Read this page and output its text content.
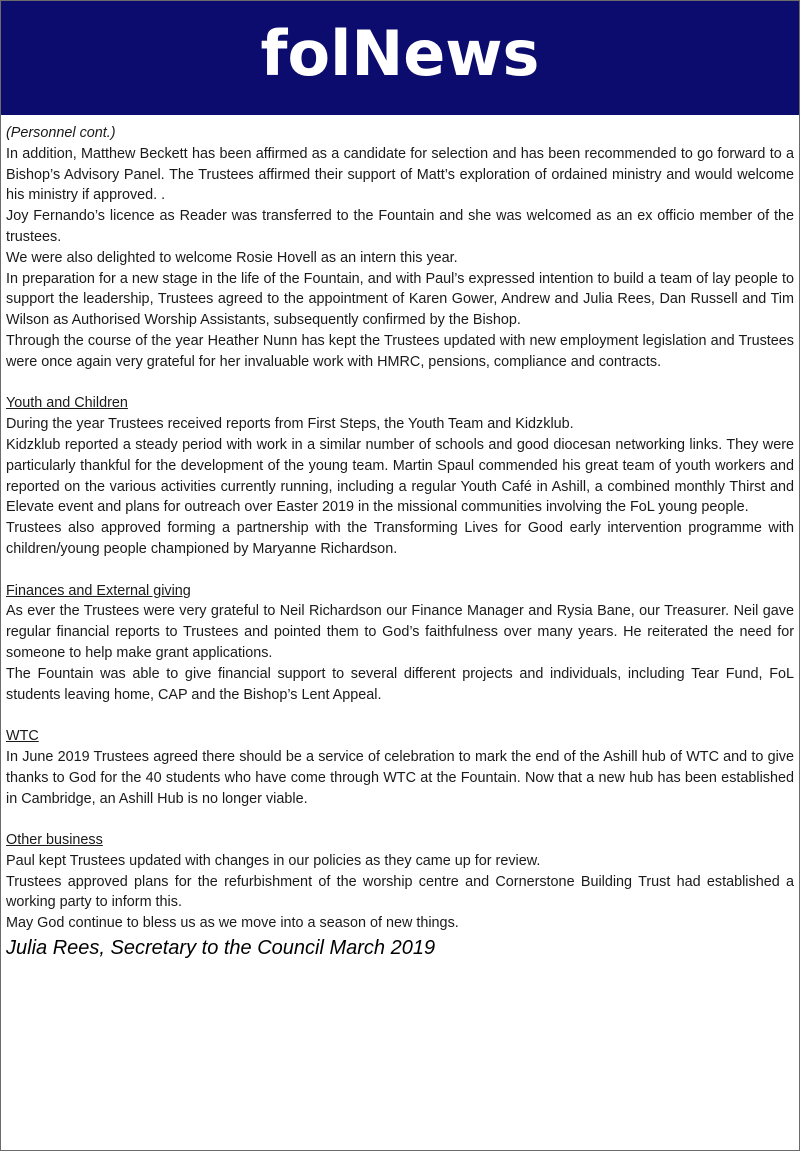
folNews

(Personnel cont.)

In addition, Matthew Beckett has been affirmed as a candidate for selection and has been recommended to go forward to a Bishop’s Advisory Panel. The Trustees affirmed their support of Matt’s exploration of ordained ministry and would welcome his ministry if approved. .

Joy Fernando’s licence as Reader was transferred to the Fountain and she was welcomed as an ex officio member of the trustees.

We were also delighted to welcome Rosie Hovell as an intern this year.

In preparation for a new stage in the life of the Fountain, and with Paul’s expressed intention to build a team of lay people to support the leadership, Trustees agreed to the appointment of Karen Gower, Andrew and Julia Rees, Dan Russell and Tim Wilson as Authorised Worship Assistants, subsequently confirmed by the Bishop.

Through the course of the year Heather Nunn has kept the Trustees updated with new employment legislation and Trustees were once again very grateful for her invaluable work with HMRC, pensions, compliance and contracts.

Youth and Children

During the year Trustees received reports from First Steps, the Youth Team and Kidzklub.

Kidzklub reported a steady period with work in a similar number of schools and good diocesan networking links. They were particularly thankful for the development of the young team. Martin Spaul commended his great team of youth workers and reported on the various activities currently running, including a regular Youth Café in Ashill, a combined monthly Thirst and Elevate event and plans for outreach over Easter 2019 in the missional communities involving the FoL young people.

Trustees also approved forming a partnership with the Transforming Lives for Good early intervention programme with children/young people championed by Maryanne Richardson.

Finances and External giving

As ever the Trustees were very grateful to Neil Richardson our Finance Manager and Rysia Bane, our Treasurer. Neil gave regular financial reports to Trustees and pointed them to God’s faithfulness over many years. He reiterated the need for someone to help make grant applications.

The Fountain was able to give financial support to several different projects and individuals, including Tear Fund, FoL students leaving home, CAP and the Bishop’s Lent Appeal.

WTC

In June 2019 Trustees agreed there should be a service of celebration to mark the end of the Ashill hub of WTC and to give thanks to God for the 40 students who have come through WTC at the Fountain. Now that a new hub has been established in Cambridge, an Ashill Hub is no longer viable.

Other business

Paul kept Trustees updated with changes in our policies as they came up for review.

Trustees approved plans for the refurbishment of the worship centre and Cornerstone Building Trust had established a working party to inform this.

May God continue to bless us as we move into a season of new things.

Julia Rees, Secretary to the Council March 2019
